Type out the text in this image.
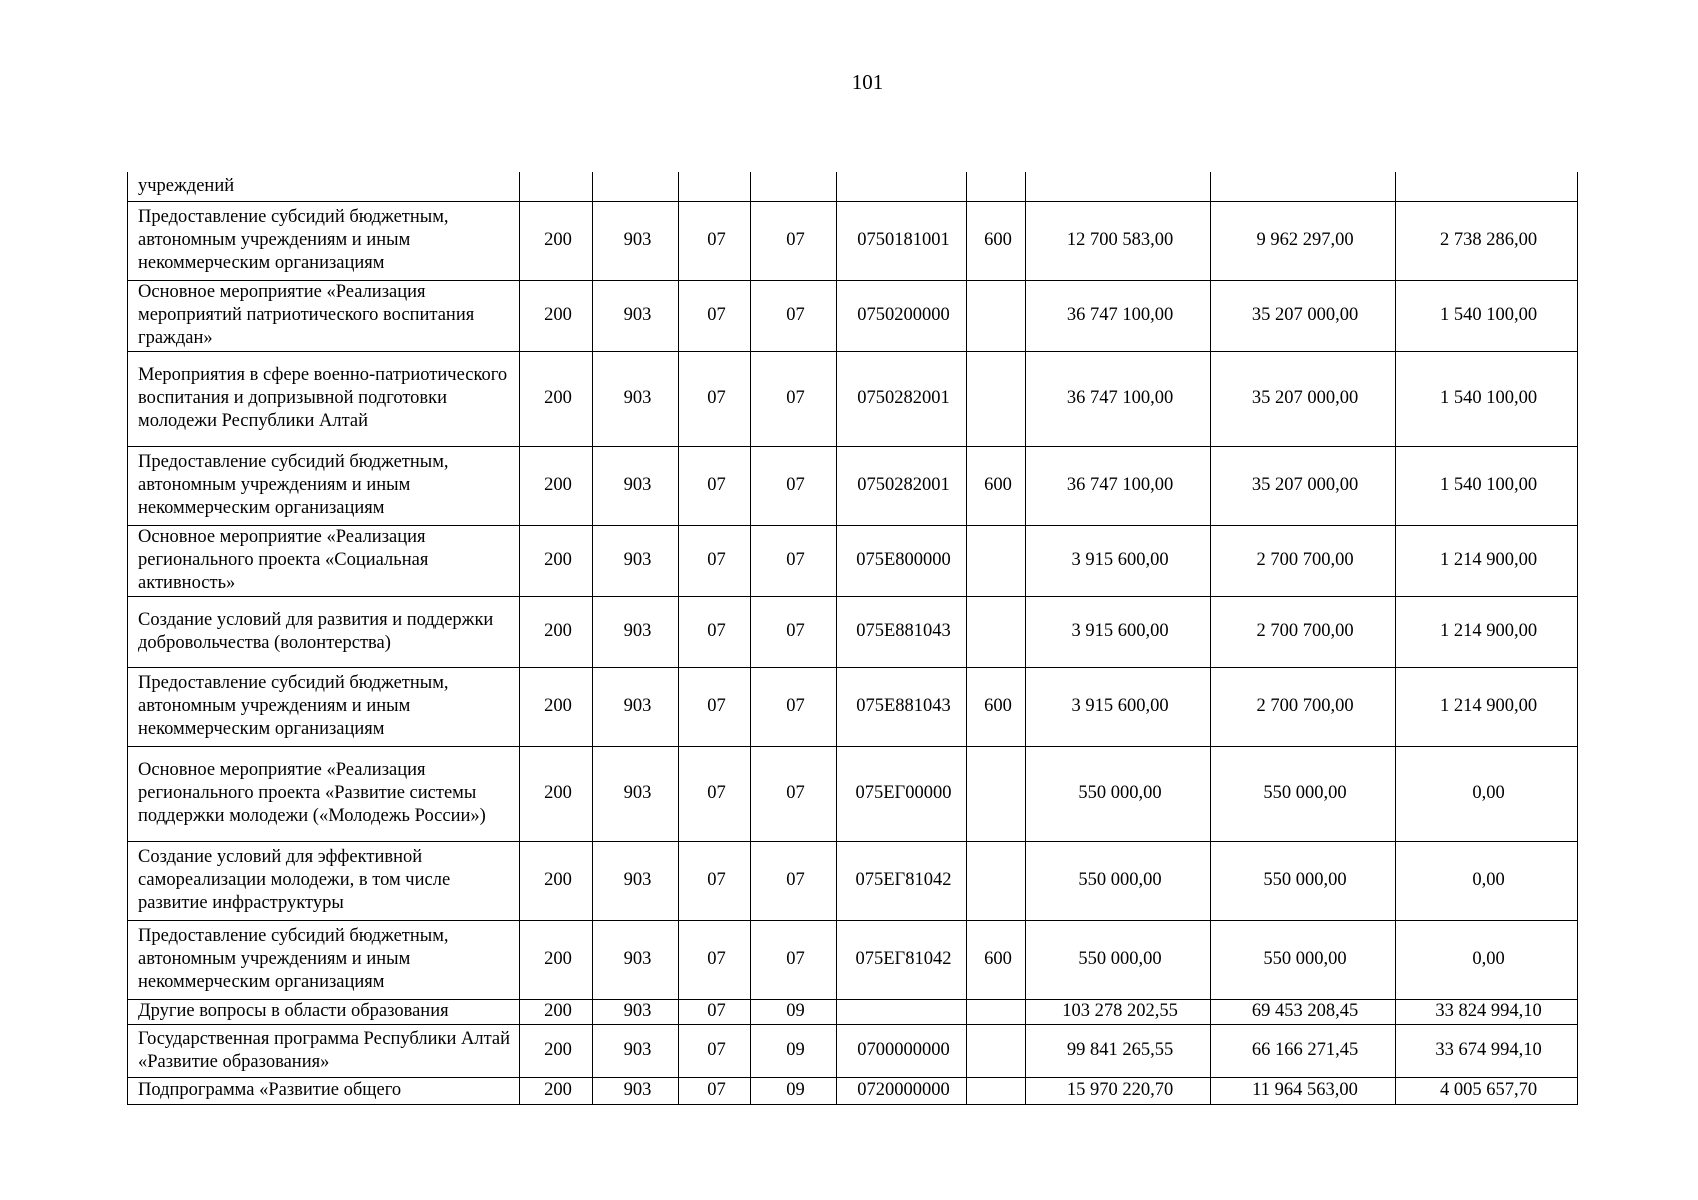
101
учреждений									
Предоставление субсидий бюджетным, автономным учреждениям и иным некоммерческим организациям	200	903	07	07	0750181001	600	12 700 583,00	9 962 297,00	2 738 286,00
Основное мероприятие «Реализация мероприятий патриотического воспитания граждан»	200	903	07	07	0750200000		36 747 100,00	35 207 000,00	1 540 100,00
Мероприятия в сфере военно-патриотического воспитания и допризывной подготовки молодежи Республики Алтай	200	903	07	07	0750282001		36 747 100,00	35 207 000,00	1 540 100,00
Предоставление субсидий бюджетным, автономным учреждениям и иным некоммерческим организациям	200	903	07	07	0750282001	600	36 747 100,00	35 207 000,00	1 540 100,00
Основное мероприятие «Реализация регионального проекта «Социальная активность»	200	903	07	07	075Е800000		3 915 600,00	2 700 700,00	1 214 900,00
Создание условий для развития и поддержки добровольчества (волонтерства)	200	903	07	07	075Е881043		3 915 600,00	2 700 700,00	1 214 900,00
Предоставление субсидий бюджетным, автономным учреждениям и иным некоммерческим организациям	200	903	07	07	075Е881043	600	3 915 600,00	2 700 700,00	1 214 900,00
Основное мероприятие «Реализация регионального проекта «Развитие системы поддержки молодежи («Молодежь России»)	200	903	07	07	075ЕГ00000		550 000,00	550 000,00	0,00
Создание условий для эффективной самореализации молодежи, в том числе развитие инфраструктуры	200	903	07	07	075ЕГ81042		550 000,00	550 000,00	0,00
Предоставление субсидий бюджетным, автономным учреждениям и иным некоммерческим организациям	200	903	07	07	075ЕГ81042	600	550 000,00	550 000,00	0,00
Другие вопросы в области образования	200	903	07	09			103 278 202,55	69 453 208,45	33 824 994,10
Государственная программа Республики Алтай «Развитие образования»	200	903	07	09	0700000000		99 841 265,55	66 166 271,45	33 674 994,10
Подпрограмма «Развитие общего	200	903	07	09	0720000000		15 970 220,70	11 964 563,00	4 005 657,70
